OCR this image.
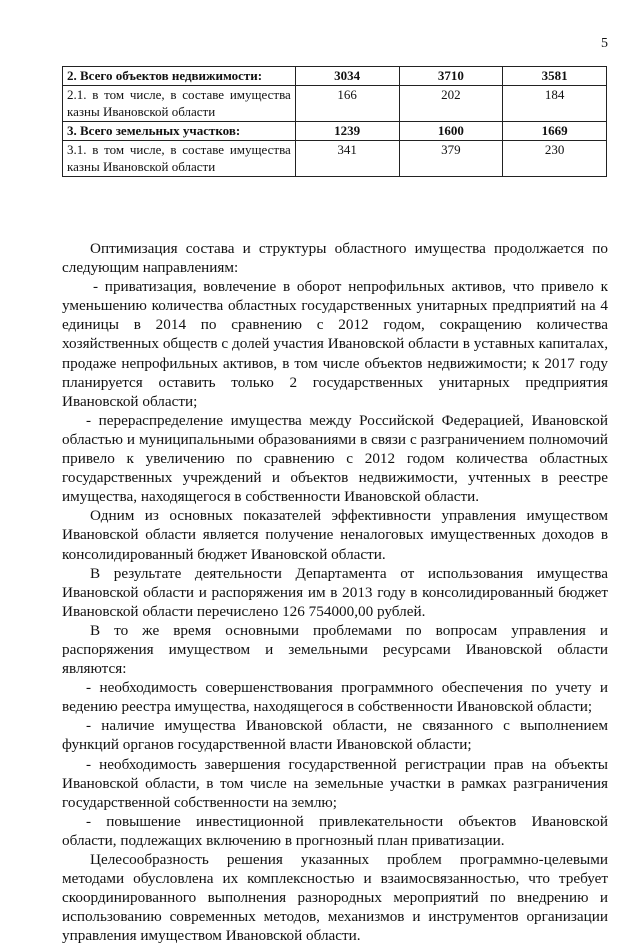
5
2. Всего объектов недвижимости:	3034	3710	3581
2.1. в том числе, в составе имущества казны Ивановской области	166	202	184
3. Всего земельных участков:	1239	1600	1669
3.1. в том числе, в составе имущества казны Ивановской области	341	379	230

Оптимизация состава и структуры областного имущества продолжается по следующим направлениям:

- приватизация, вовлечение в оборот непрофильных активов, что привело к уменьшению количества областных государственных унитарных предприятий на 4 единицы в 2014 по сравнению с 2012 годом, сокращению количества хозяйственных обществ с долей участия Ивановской области в уставных капиталах, продаже непрофильных активов, в том числе объектов недвижимости; к 2017 году планируется оставить только 2 государственных унитарных предприятия Ивановской области;

- перераспределение имущества между Российской Федерацией, Ивановской областью и муниципальными образованиями в связи с разграничением полномочий привело к увеличению по сравнению с 2012 годом количества областных государственных учреждений и объектов недвижимости, учтенных в реестре имущества, находящегося в собственности Ивановской области.

Одним из основных показателей эффективности управления имуществом Ивановской области является получение неналоговых имущественных доходов в консолидированный бюджет Ивановской области.

В результате деятельности Департамента от использования имущества Ивановской области и распоряжения им в 2013 году в консолидированный бюджет Ивановской области перечислено 126 754000,00 рублей.

В то же время основными проблемами по вопросам управления и распоряжения имуществом и земельными ресурсами Ивановской области являются:

- необходимость совершенствования программного обеспечения по учету и ведению реестра имущества, находящегося в собственности Ивановской области;

- наличие имущества Ивановской области, не связанного с выполнением функций органов государственной власти Ивановской области;

- необходимость завершения государственной регистрации прав на объекты Ивановской области, в том числе на земельные участки в рамках разграничения государственной собственности на землю;

- повышение инвестиционной привлекательности объектов Ивановской области, подлежащих включению в прогнозный план приватизации.

Целесообразность решения указанных проблем программно-целевыми методами обусловлена их комплексностью и взаимосвязанностью, что требует скоординированного выполнения разнородных мероприятий по внедрению и использованию современных методов, механизмов и инструментов организации управления имуществом Ивановской области.
